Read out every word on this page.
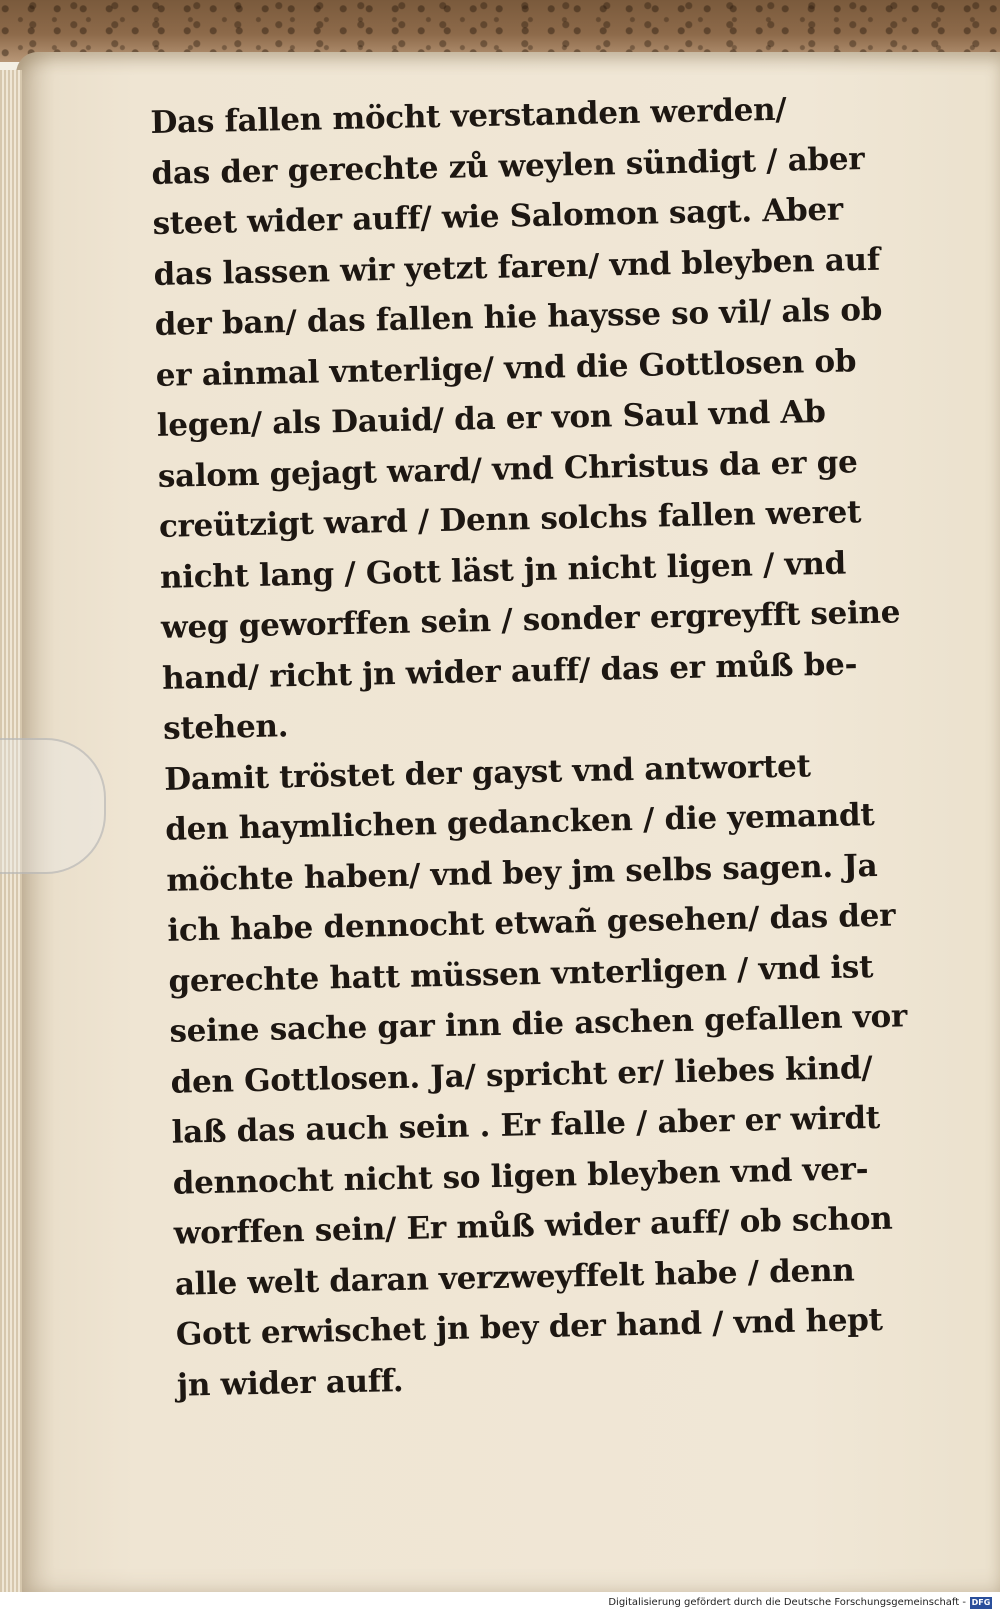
Das fallen möcht verstanden werden/
das der gerechte zů weylen sündigt / aber
steet wider auff/ wie Salomon sagt. Aber
das lassen wir yetzt faren/ vnd bleyben auf
der ban/ das fallen hie haysse so vil/ als ob
er ainmal vnterlige/ vnd die Gottlosen ob
legen/ als Dauid/ da er von Saul vnd Ab
salom gejagt ward/ vnd Christus da er ge
creützigt ward / Denn solchs fallen weret
nicht lang / Gott läst jn nicht ligen / vnd
weg geworffen sein / sonder ergreyfft seine
hand/ richt jn wider auff/ das er můß be-
stehen.
Damit tröstet der gayst vnd antwortet
den haymlichen gedancken / die yemandt
möchte haben/ vnd bey jm selbs sagen. Ja
ich habe dennocht etwañ gesehen/ das der
gerechte hatt müssen vnterligen / vnd ist
seine sache gar inn die aschen gefallen vor
den Gottlosen. Ja/ spricht er/ liebes kind/
laß das auch sein . Er falle / aber er wirdt
dennocht nicht so ligen bleyben vnd ver-
worffen sein/ Er můß wider auff/ ob schon
alle welt daran verzweyffelt habe / denn
Gott erwischet jn bey der hand / vnd hept
jn wider auff.
Digitalisierung gefördert durch die Deutsche Forschungsgemeinschaft - DFG
